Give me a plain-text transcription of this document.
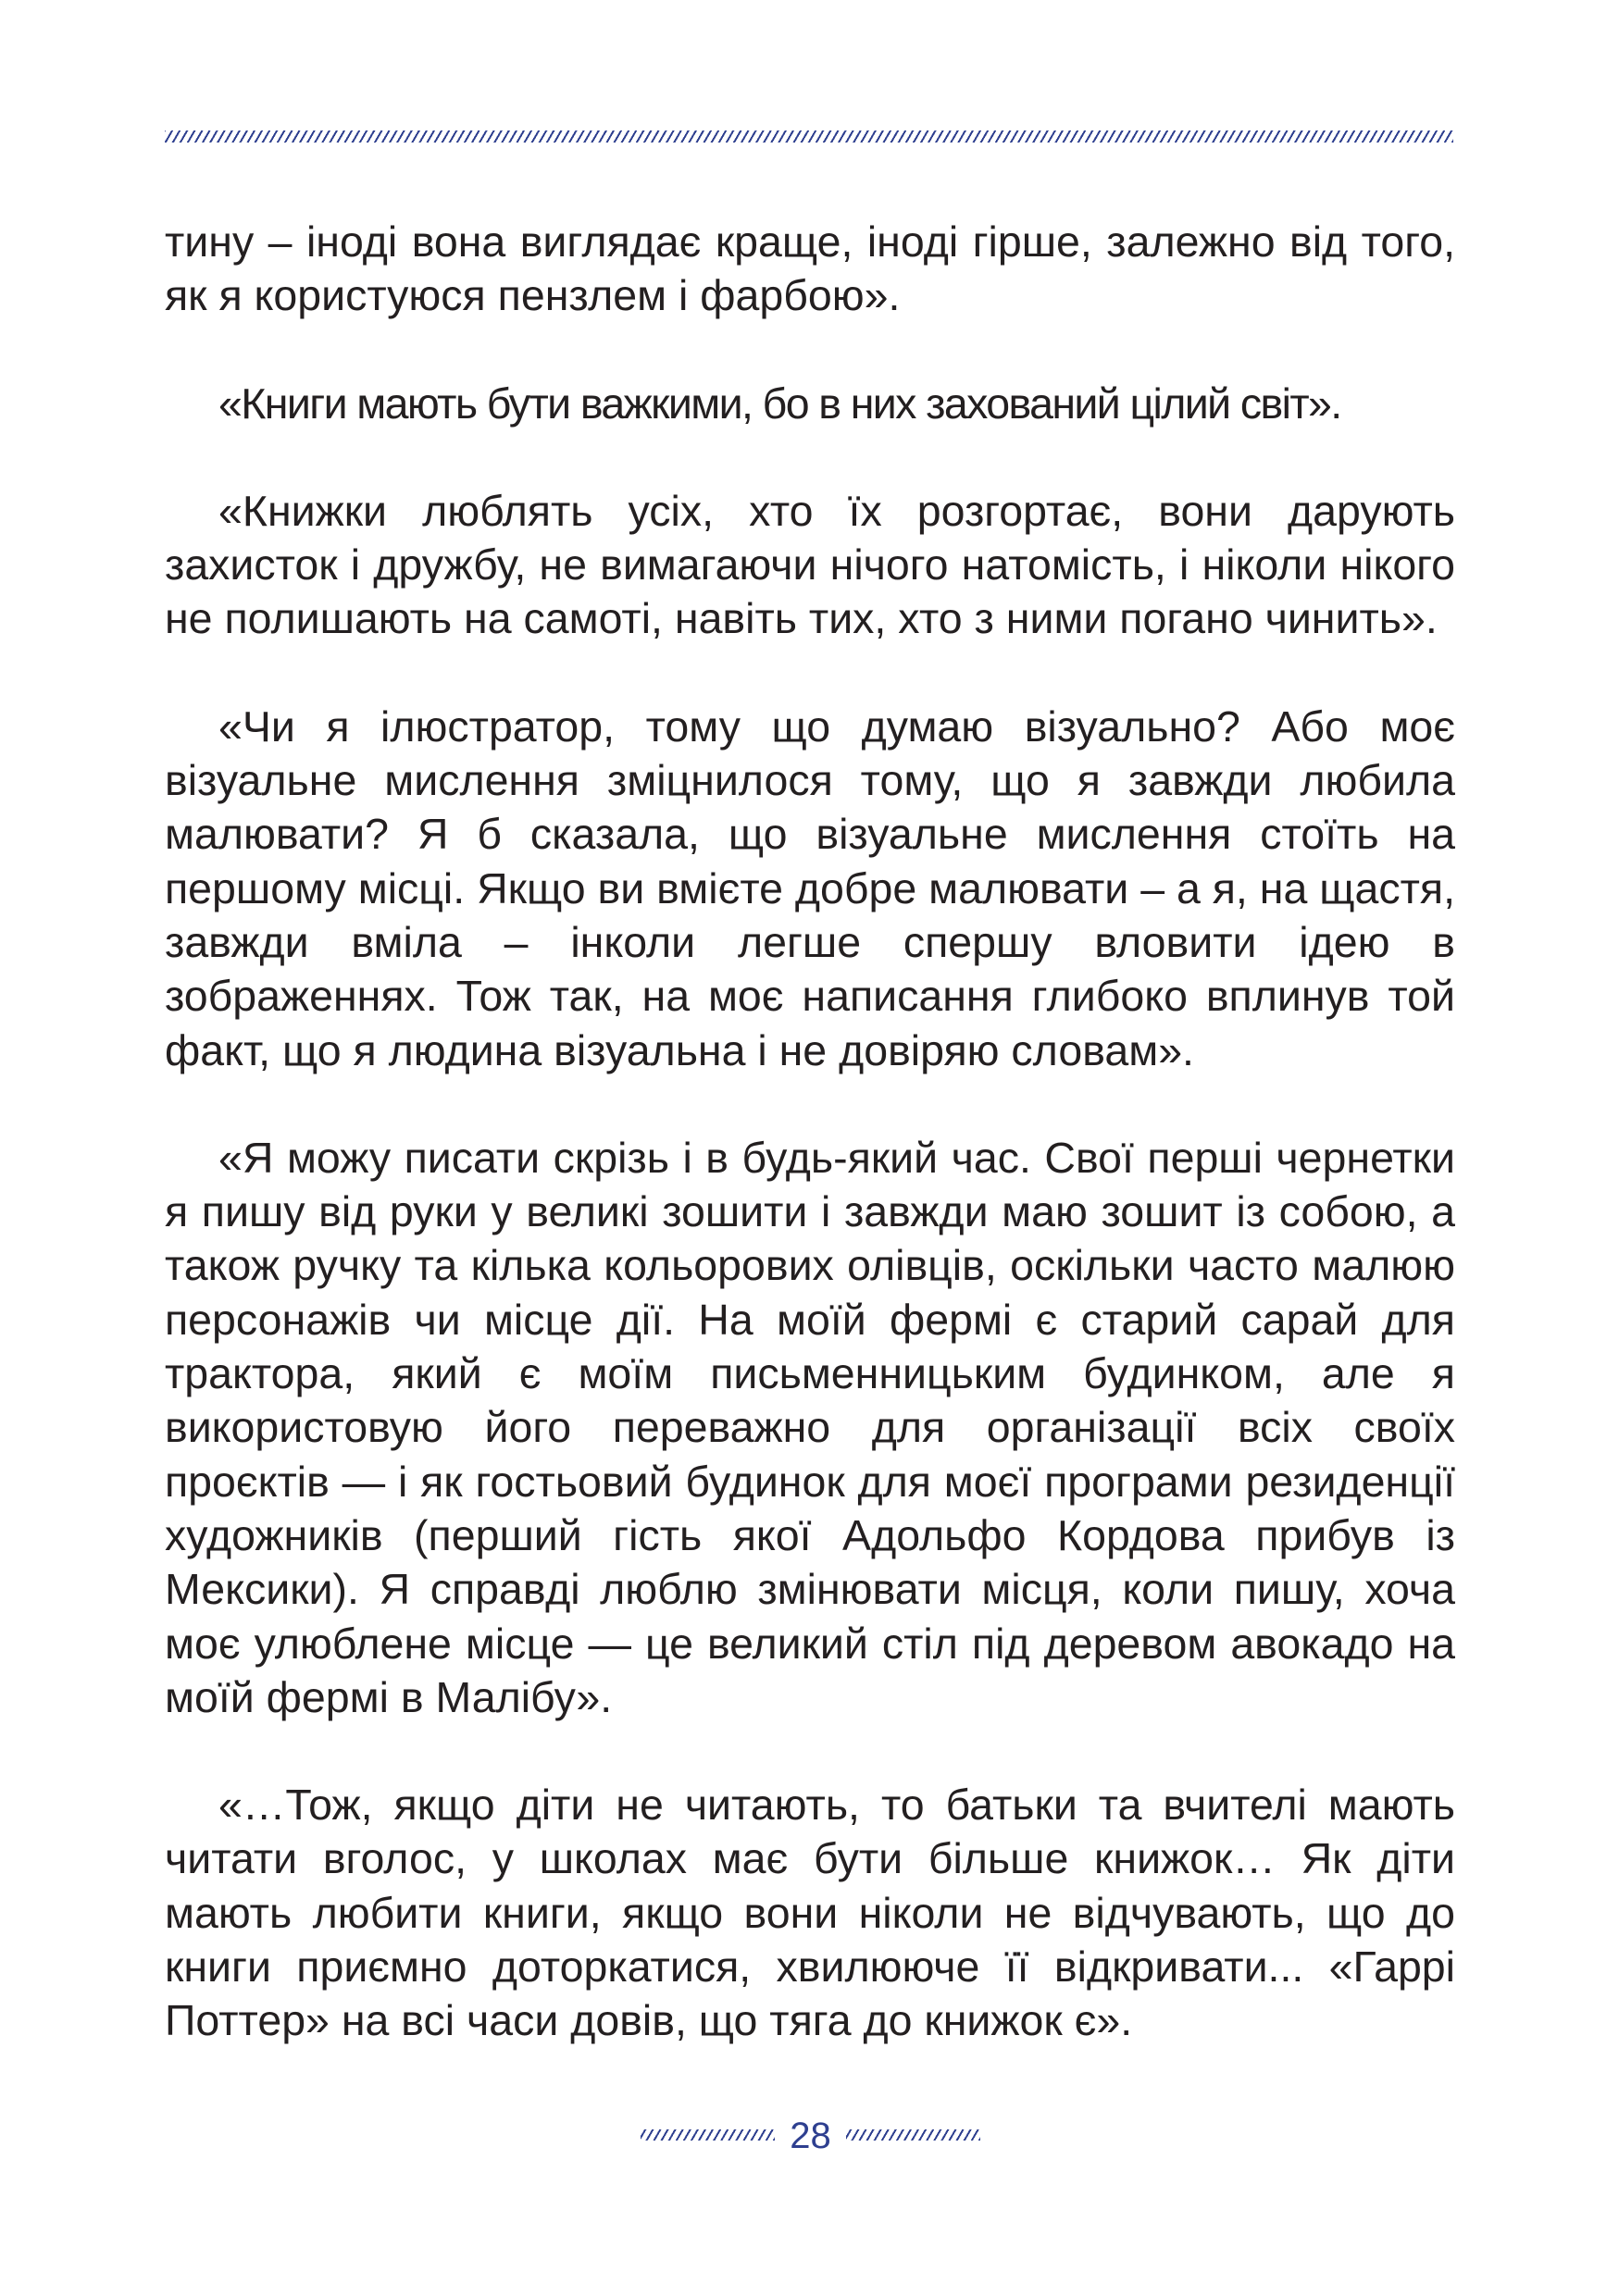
тину – іноді вона виглядає краще, іноді гірше, залежно від того, як я користуюся пензлем і фарбою».

«Книги мають бути важкими, бо в них захований цілий світ».

«Книжки люблять усіх, хто їх розгортає, вони дарують захисток і дружбу, не вимагаючи нічого натомість, і ніколи нікого не полишають на самоті, навіть тих, хто з ними погано чинить».

«Чи я ілюстратор, тому що думаю візуально? Або моє візуальне мислення зміцнилося тому, що я завжди любила малювати? Я б сказала, що візуальне мислення стоїть на першому місці. Якщо ви вмієте добре малювати – а я, на щастя, завжди вміла – інколи легше спершу вловити ідею в зображеннях. Тож так, на моє написання глибоко вплинув той факт, що я людина візуальна і не довіряю словам».

«Я можу писати скрізь і в будь-який час. Свої перші чернетки я пишу від руки у великі зошити і завжди маю зошит із собою, а також ручку та кілька кольорових олівців, оскільки часто малюю персонажів чи місце дії. На моїй фермі є старий сарай для трактора, який є моїм письменницьким будинком, але я використовую його переважно для організації всіх своїх проєктів — і як гостьовий будинок для моєї програми резиденції художників (перший гість якої Адольфо Кордова прибув із Мексики). Я справді люблю змінювати місця, коли пишу, хоча моє улюблене місце — це великий стіл під деревом авокадо на моїй фермі в Малібу».

«…Тож, якщо діти не читають, то батьки та вчителі мають читати вголос, у школах має бути більше книжок… Як діти мають любити книги, якщо вони ніколи не відчувають, що до книги приємно доторкатися, хвилююче її відкривати... «Гаррі Поттер» на всі часи довів, що тяга до книжок є».

28
